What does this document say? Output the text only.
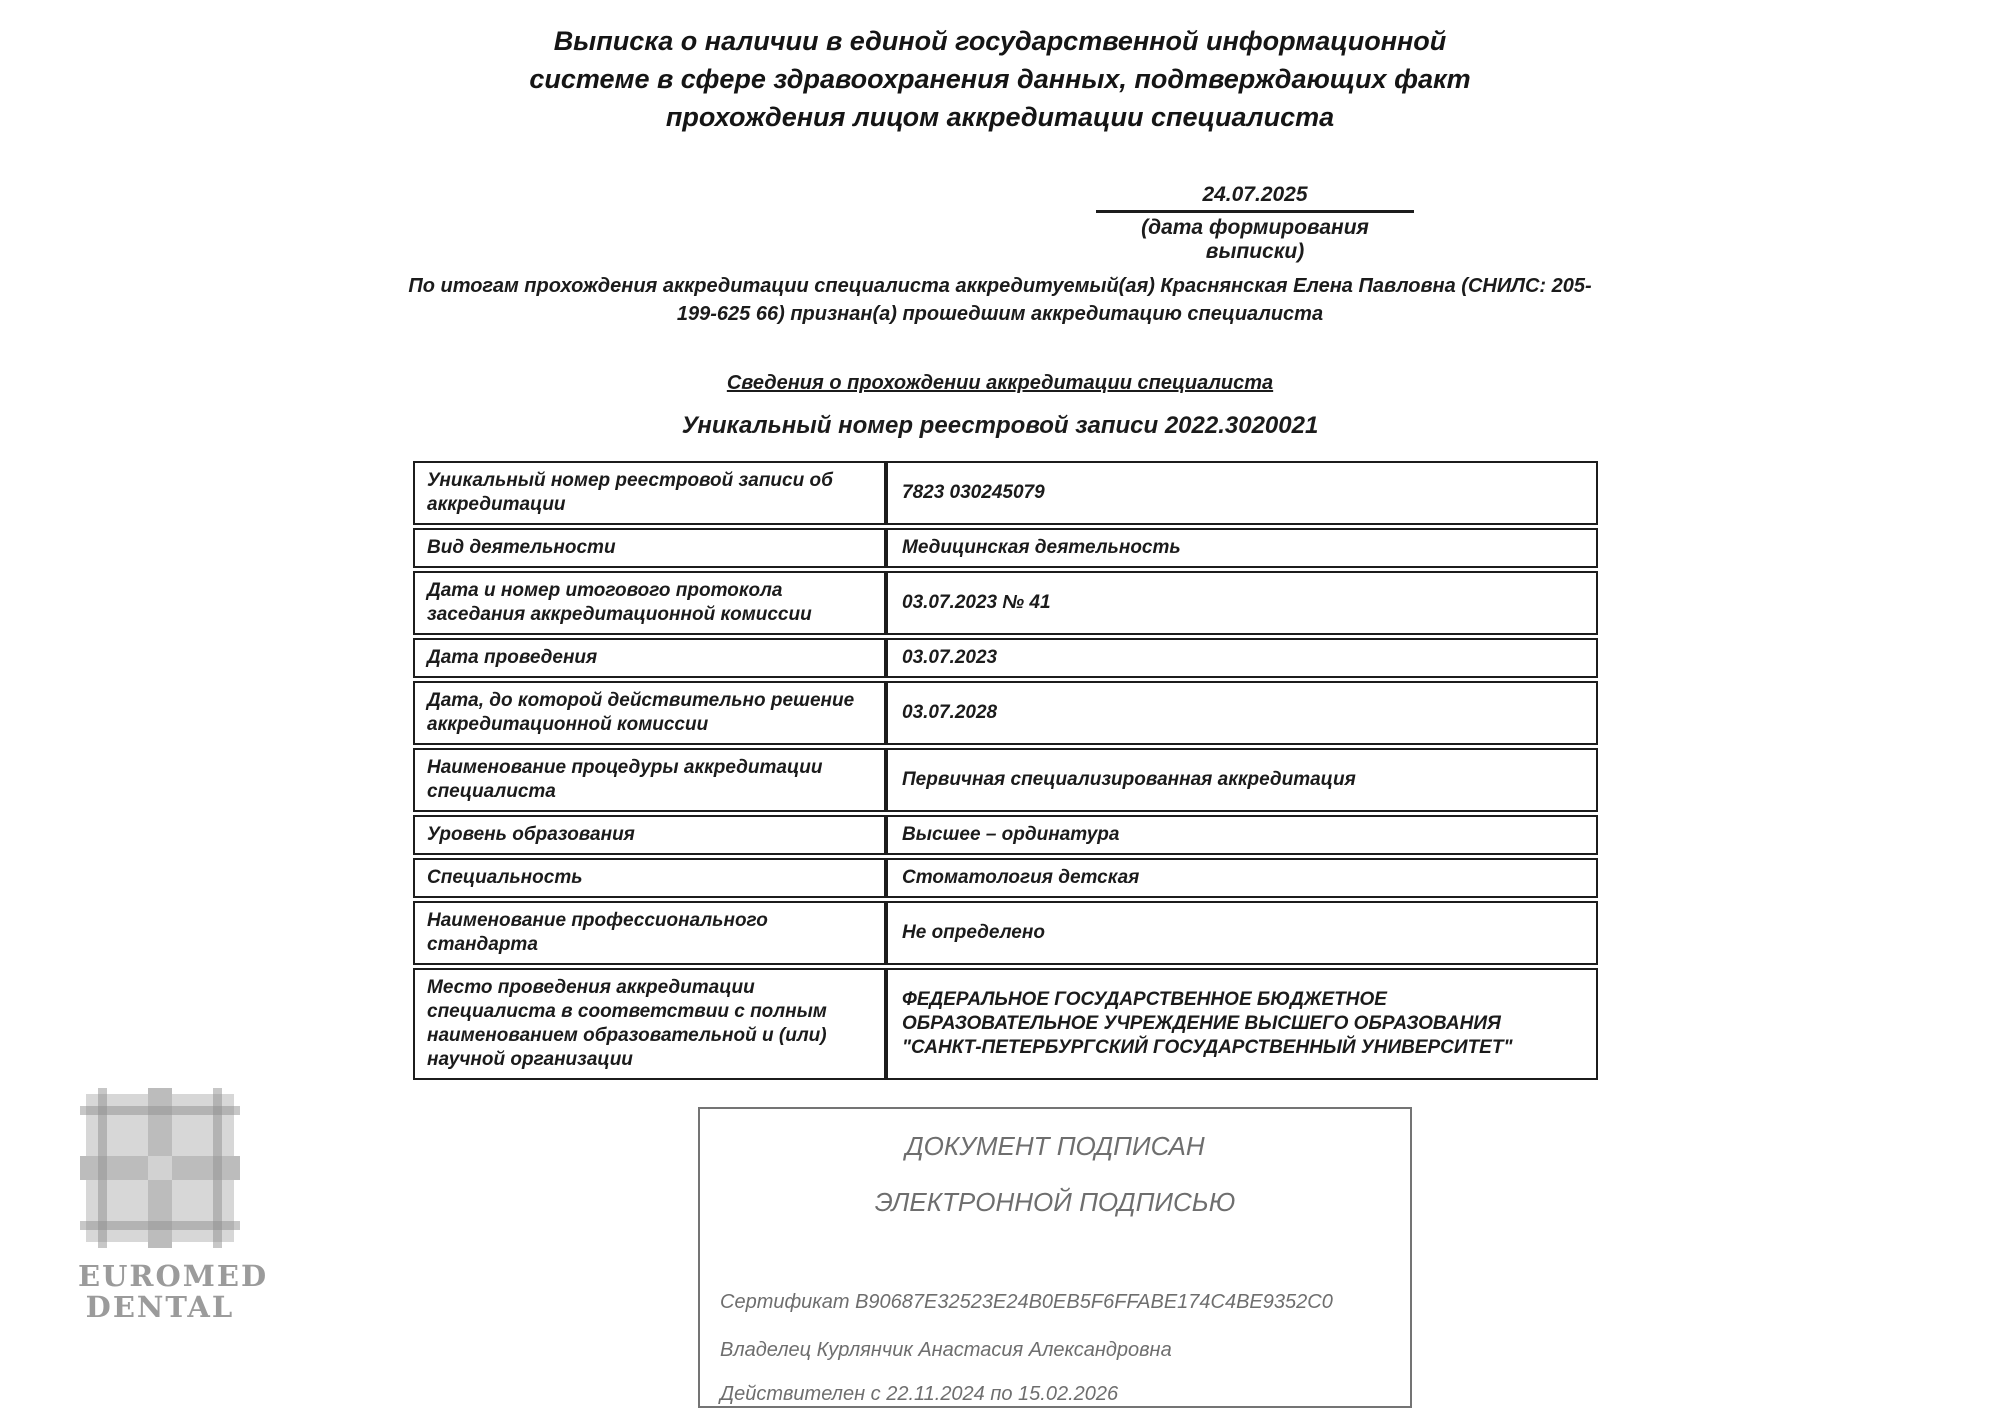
Выписка о наличии в единой государственной информационной
системе в сфере здравоохранения данных, подтверждающих факт
прохождения лицом аккредитации специалиста
24.07.2025
(дата формирования выписки)
По итогам прохождения аккредитации специалиста аккредитуемый(ая) Краснянская Елена Павловна (СНИЛС: 205-199-625 66) признан(а) прошедшим аккредитацию специалиста
Сведения о прохождении аккредитации специалиста
Уникальный номер реестровой записи 2022.3020021
Уникальный номер реестровой записи об аккредитации	7823 030245079
Вид деятельности	Медицинская деятельность
Дата и номер итогового протокола заседания аккредитационной комиссии	03.07.2023 № 41
Дата проведения	03.07.2023
Дата, до которой действительно решение аккредитационной комиссии	03.07.2028
Наименование процедуры аккредитации специалиста	Первичная специализированная аккредитация
Уровень образования	Высшее – ординатура
Специальность	Стоматология детская
Наименование профессионального стандарта	Не определено
Место проведения аккредитации специалиста в соответствии с полным наименованием образовательной и (или) научной организации	ФЕДЕРАЛЬНОЕ ГОСУДАРСТВЕННОЕ БЮДЖЕТНОЕ ОБРАЗОВАТЕЛЬНОЕ УЧРЕЖДЕНИЕ ВЫСШЕГО ОБРАЗОВАНИЯ "САНКТ-ПЕТЕРБУРГСКИЙ ГОСУДАРСТВЕННЫЙ УНИВЕРСИТЕТ"
ДОКУМЕНТ ПОДПИСАН
ЭЛЕКТРОННОЙ ПОДПИСЬЮ
Сертификат B90687E32523E24B0EB5F6FFABE174C4BE9352C0
Владелец Курлянчик Анастасия Александровна
Действителен с 22.11.2024 по 15.02.2026
EUROMED
DENTAL
